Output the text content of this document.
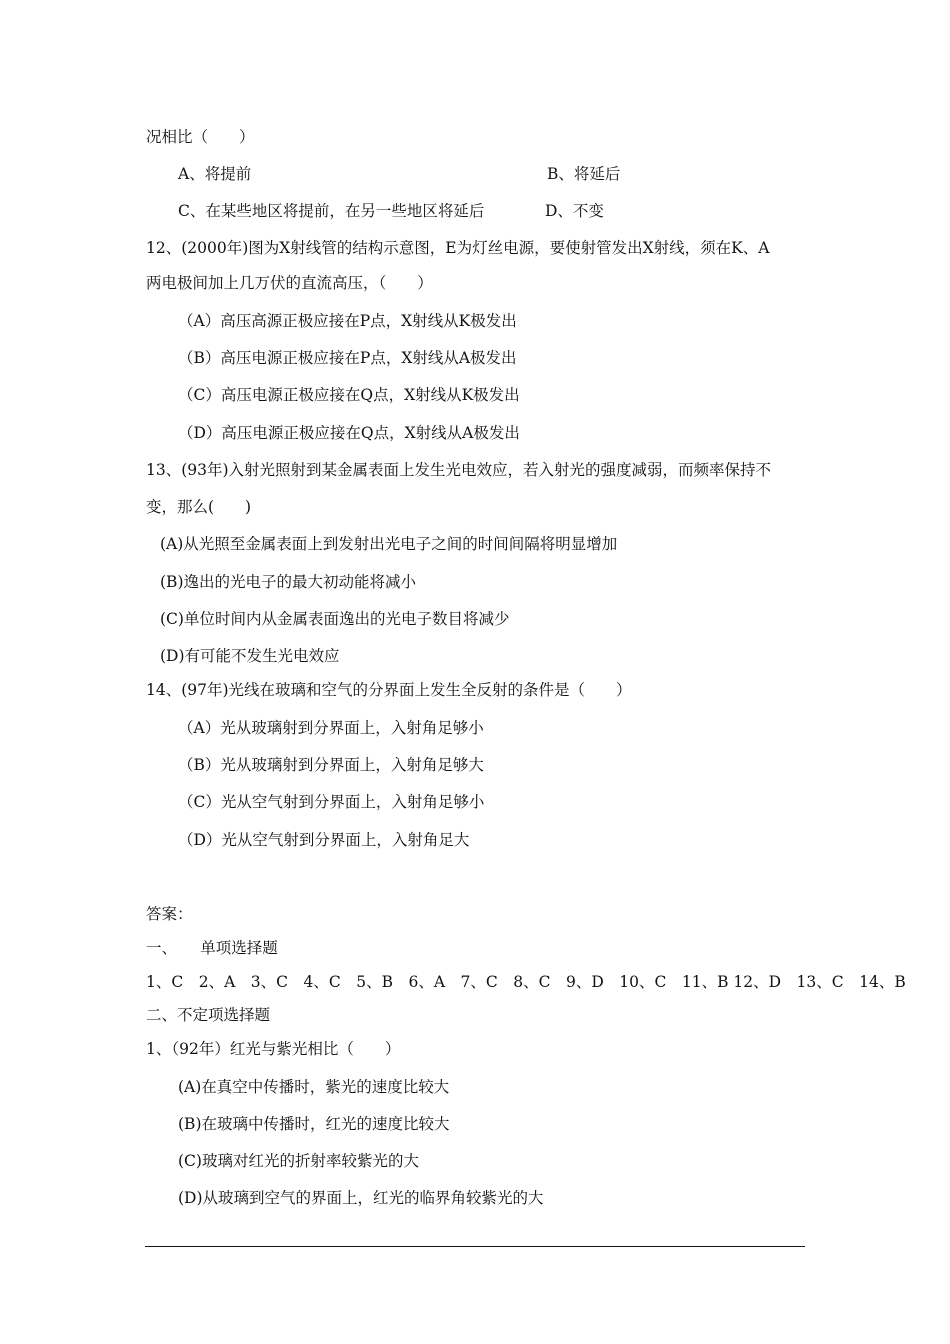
况相比（　　）
A、将提前	B、将延后
C、在某些地区将提前，在另一些地区将延后	D、不变
12、(2000年)图为X射线管的结构示意图，E为灯丝电源，要使射管发出X射线，须在K、A
两电极间加上几万伏的直流高压，（　　）
（A）高压高源正极应接在P点，X射线从K极发出
（B）高压电源正极应接在P点，X射线从A极发出
（C）高压电源正极应接在Q点，X射线从K极发出
（D）高压电源正极应接在Q点，X射线从A极发出
13、(93年)入射光照射到某金属表面上发生光电效应，若入射光的强度减弱，而频率保持不
变，那么(　　)
(A)从光照至金属表面上到发射出光电子之间的时间间隔将明显增加
(B)逸出的光电子的最大初动能将减小
(C)单位时间内从金属表面逸出的光电子数目将减少
(D)有可能不发生光电效应
14、(97年)光线在玻璃和空气的分界面上发生全反射的条件是（　　）
（A）光从玻璃射到分界面上，入射角足够小
（B）光从玻璃射到分界面上，入射角足够大
（C）光从空气射到分界面上，入射角足够小
（D）光从空气射到分界面上，入射角足大
答案：
一、　　单项选择题
1、C　2、A　3、C　4、C　5、B　6、A　7、C　8、C　9、D　10、C　11、B 12、D　13、C　14、B
二、不定项选择题
1、（92年）红光与紫光相比（　　）
(A)在真空中传播时，紫光的速度比较大
(B)在玻璃中传播时，红光的速度比较大
(C)玻璃对红光的折射率较紫光的大
(D)从玻璃到空气的界面上，红光的临界角较紫光的大
